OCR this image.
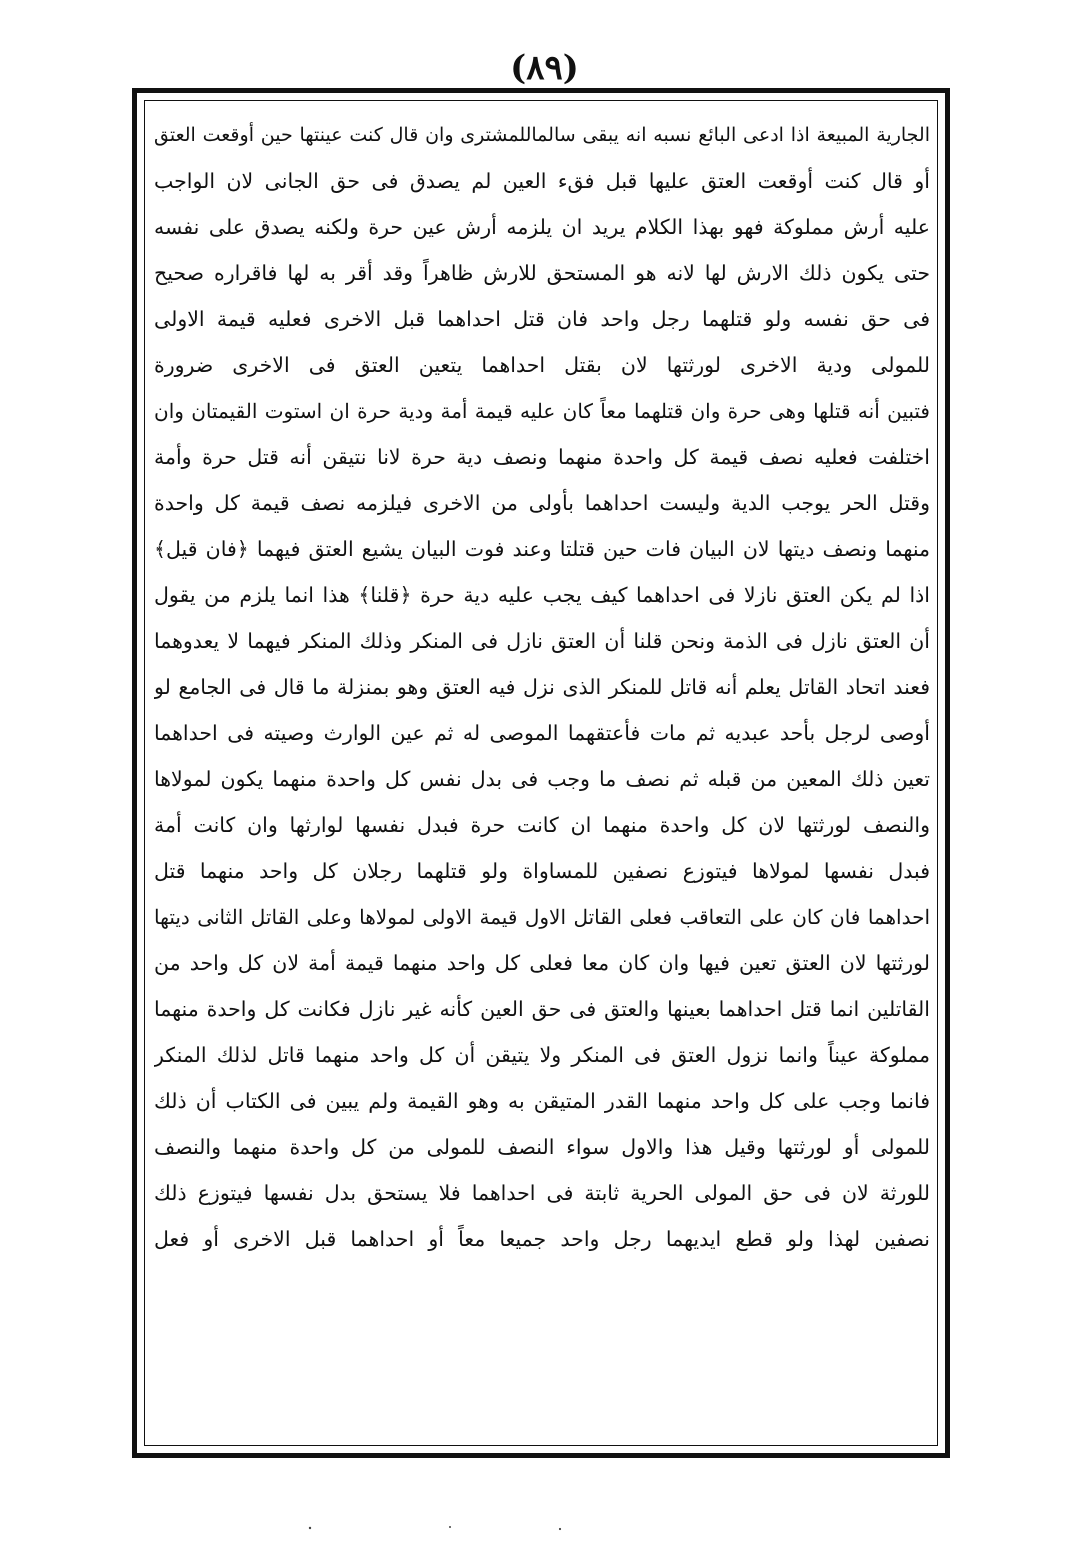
(٨٩)
الجارية المبيعة اذا ادعى البائع نسبه انه يبقى سالماللمشترى وان قال كنت عينتها حين أوقعت العتق
أو قال كنت أوقعت العتق عليها قبل فقء العين لم يصدق فى حق الجانى لان الواجب
عليه أرش مملوكة فهو بهذا الكلام يريد ان يلزمه أرش عين حرة ولكنه يصدق على نفسه
حتى يكون ذلك الارش لها لانه هو المستحق للارش ظاهراً وقد أقر به لها فاقراره صحيح
فى حق نفسه ولو قتلهما رجل واحد فان قتل احداهما قبل الاخرى فعليه قيمة الاولى
للمولى ودية الاخرى لورثتها لان بقتل احداهما يتعين العتق فى الاخرى ضرورة
فتبين أنه قتلها وهى حرة وان قتلهما معاً كان عليه قيمة أمة ودية حرة ان استوت القيمتان وان
اختلفت فعليه نصف قيمة كل واحدة منهما ونصف دية حرة لانا نتيقن أنه قتل حرة وأمة
وقتل الحر يوجب الدية وليست احداهما بأولى من الاخرى فيلزمه نصف قيمة كل واحدة
منهما ونصف ديتها لان البيان فات حين قتلتا وعند فوت البيان يشيع العتق فيهما ﴿فان قيل﴾
اذا لم يكن العتق نازلا فى احداهما كيف يجب عليه دية حرة ﴿قلنا﴾ هذا انما يلزم من يقول
أن العتق نازل فى الذمة ونحن قلنا أن العتق نازل فى المنكر وذلك المنكر فيهما لا يعدوهما
فعند اتحاد القاتل يعلم أنه قاتل للمنكر الذى نزل فيه العتق وهو بمنزلة ما قال فى الجامع لو
أوصى لرجل بأحد عبديه ثم مات فأعتقهما الموصى له ثم عين الوارث وصيته فى احداهما
تعين ذلك المعين من قبله ثم نصف ما وجب فى بدل نفس كل واحدة منهما يكون لمولاها
والنصف لورثتها لان كل واحدة منهما ان كانت حرة فبدل نفسها لوارثها وان كانت أمة
فبدل نفسها لمولاها فيتوزع نصفين للمساواة ولو قتلهما رجلان كل واحد منهما قتل
احداهما فان كان على التعاقب فعلى القاتل الاول قيمة الاولى لمولاها وعلى القاتل الثانى ديتها
لورثتها لان العتق تعين فيها وان كان معا فعلى كل واحد منهما قيمة أمة لان كل واحد من
القاتلين انما قتل احداهما بعينها والعتق فى حق العين كأنه غير نازل فكانت كل واحدة منهما
مملوكة عيناً وانما نزول العتق فى المنكر ولا يتيقن أن كل واحد منهما قاتل لذلك المنكر
فانما وجب على كل واحد منهما القدر المتيقن به وهو القيمة ولم يبين فى الكتاب أن ذلك
للمولى أو لورثتها وقيل هذا والاول سواء النصف للمولى من كل واحدة منهما والنصف
للورثة لان فى حق المولى الحرية ثابتة فى احداهما فلا يستحق بدل نفسها فيتوزع ذلك
نصفين لهذا ولو قطع ايديهما رجل واحد جميعا معاً أو احداهما قبل الاخرى أو فعل
